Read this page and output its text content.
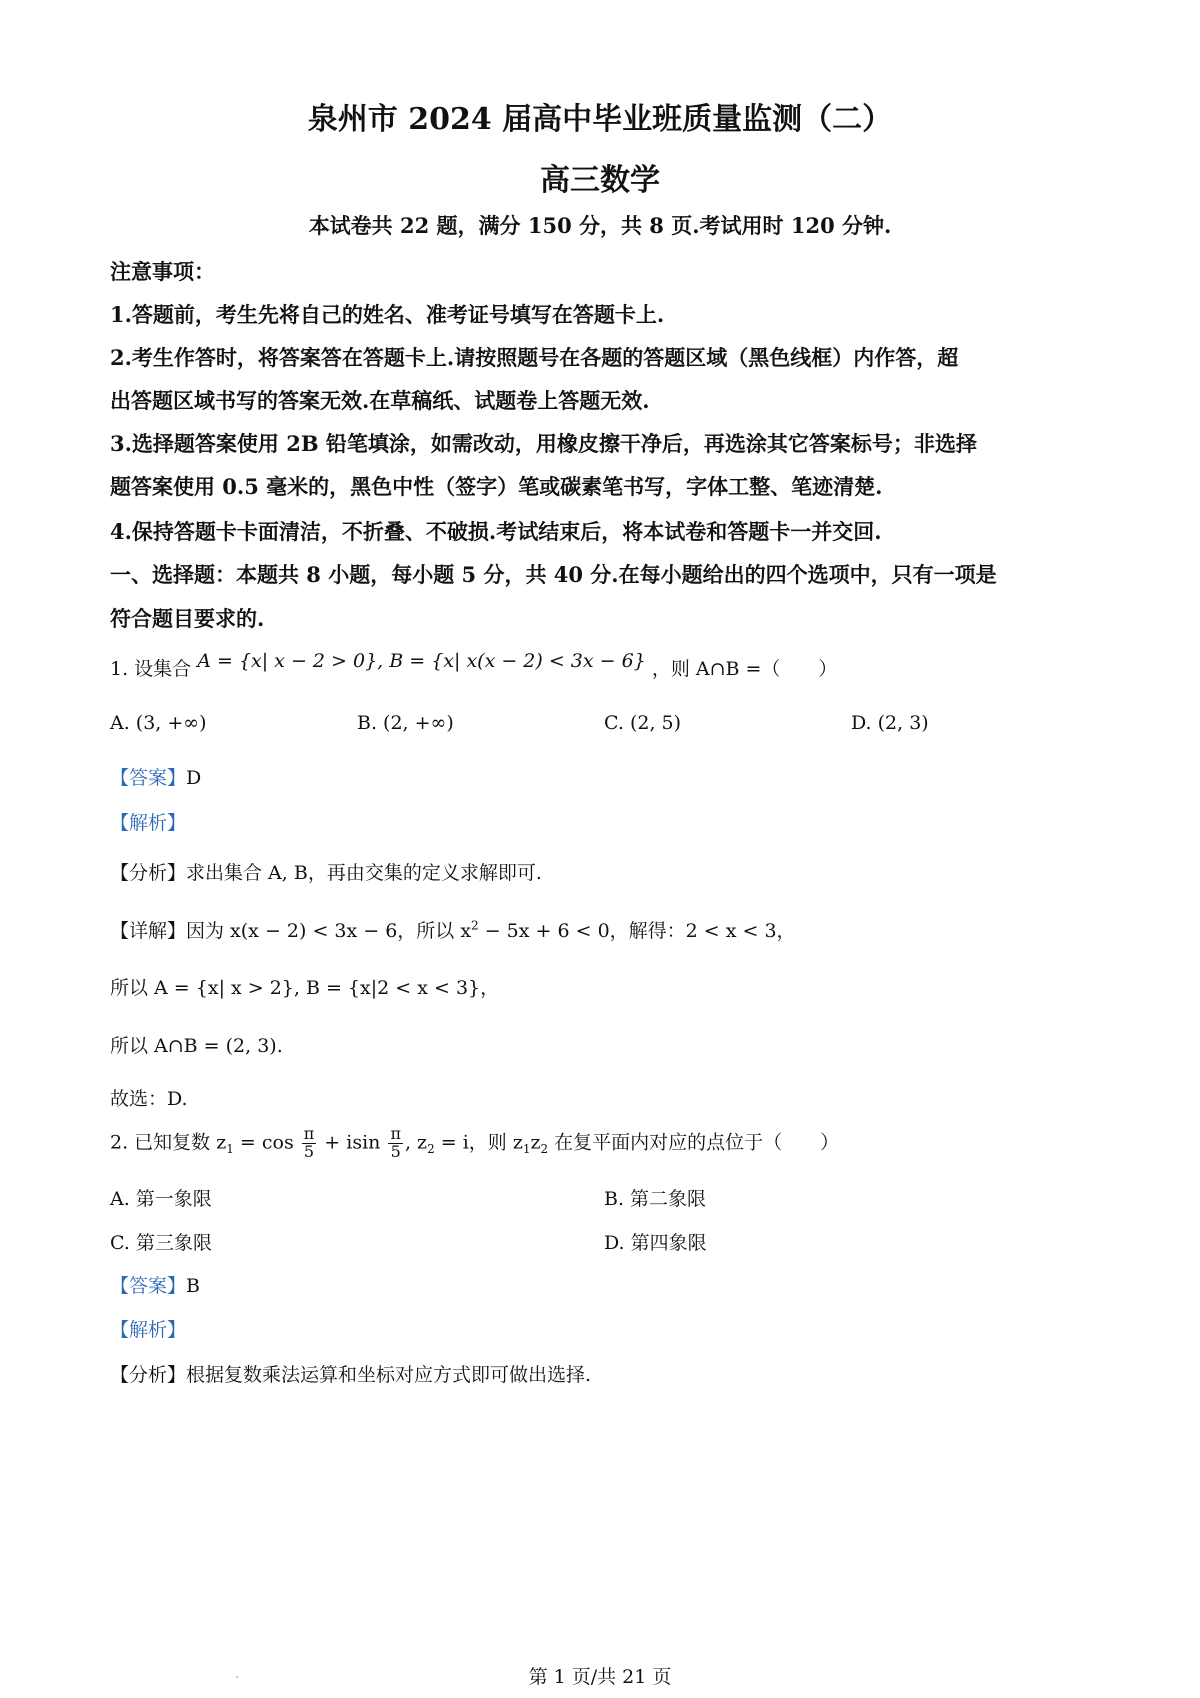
泉州市 2024 届高中毕业班质量监测（二）
高三数学
本试卷共 22 题，满分 150 分，共 8 页.考试用时 120 分钟.
注意事项：
1.答题前，考生先将自己的姓名、准考证号填写在答题卡上.
2.考生作答时，将答案答在答题卡上.请按照题号在各题的答题区域（黑色线框）内作答，超
出答题区域书写的答案无效.在草稿纸、试题卷上答题无效.
3.选择题答案使用 2B 铅笔填涂，如需改动，用橡皮擦干净后，再选涂其它答案标号；非选择
题答案使用 0.5 毫米的，黑色中性（签字）笔或碳素笔书写，字体工整、笔迹清楚.
4.保持答题卡卡面清洁，不折叠、不破损.考试结束后，将本试卷和答题卡一并交回.
一、选择题：本题共 8 小题，每小题 5 分，共 40 分.在每小题给出的四个选项中，只有一项是
符合题目要求的.
1. 设集合 A = {x| x − 2 > 0}, B = {x| x(x − 2) < 3x − 6} ，则 A∩B =（　　）
A. (3, +∞)	B. (2, +∞)	C. (2, 5)	D. (2, 3)
【答案】D
【解析】
【分析】求出集合 A, B，再由交集的定义求解即可.
【详解】因为 x(x − 2) < 3x − 6，所以 $x^2 - 5x + 6 < 0$，解得：2 < x < 3，
所以 A = {x| x > 2}, B = {x|2 < x < 3}，
所以 A∩B = (2, 3).
故选：D.
2. 已知复数 $z_1 = \cos \frac{\pi}{5} + isin \frac{\pi}{5}$ , $z_2 = i$，则 $z_1z_2$ 在复平面内对应的点位于（　　）
A. 第一象限	B. 第二象限
C. 第三象限	D. 第四象限
【答案】B
【解析】
【分析】根据复数乘法运算和坐标对应方式即可做出选择.
第 1 页/共 21 页
